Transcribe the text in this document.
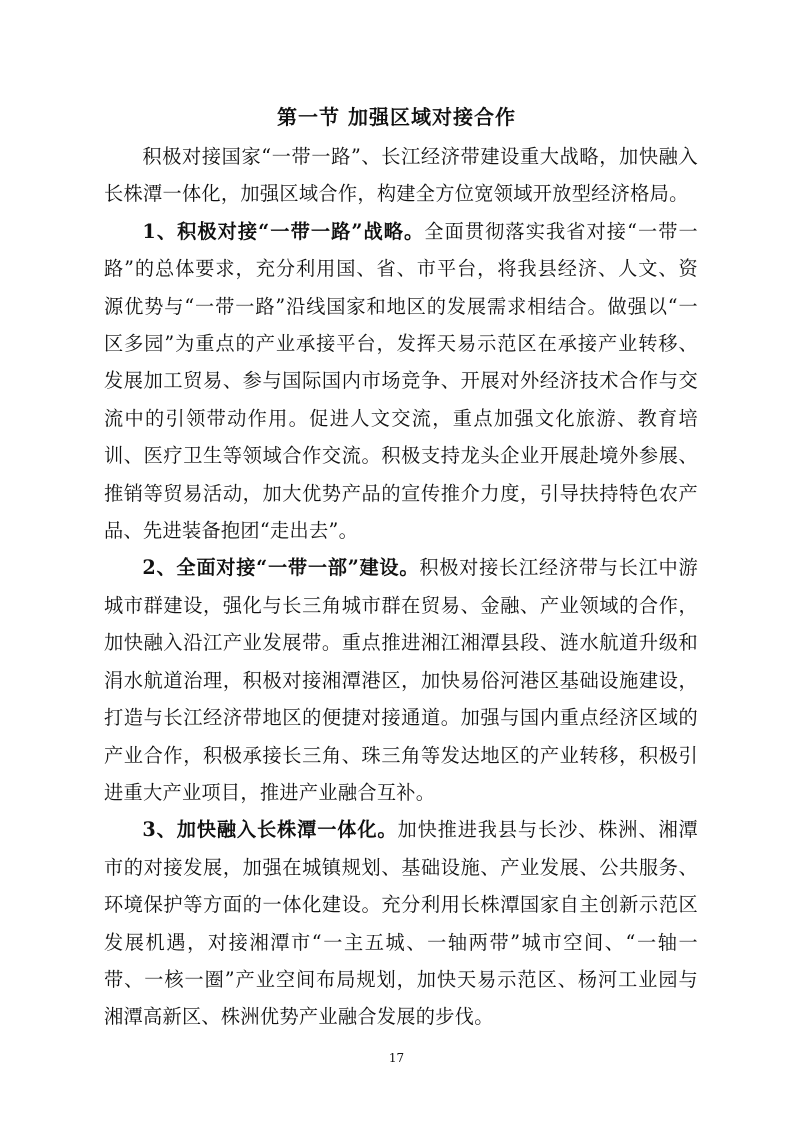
第一节 加强区域对接合作

积极对接国家“一带一路”、长江经济带建设重大战略，加快融入长株潭一体化，加强区域合作，构建全方位宽领域开放型经济格局。

1、积极对接“一带一路”战略。全面贯彻落实我省对接“一带一路”的总体要求，充分利用国、省、市平台，将我县经济、人文、资源优势与“一带一路”沿线国家和地区的发展需求相结合。做强以“一区多园”为重点的产业承接平台，发挥天易示范区在承接产业转移、发展加工贸易、参与国际国内市场竞争、开展对外经济技术合作与交流中的引领带动作用。促进人文交流，重点加强文化旅游、教育培训、医疗卫生等领域合作交流。积极支持龙头企业开展赴境外参展、推销等贸易活动，加大优势产品的宣传推介力度，引导扶持特色农产品、先进装备抱团“走出去”。

2、全面对接“一带一部”建设。积极对接长江经济带与长江中游城市群建设，强化与长三角城市群在贸易、金融、产业领域的合作，加快融入沿江产业发展带。重点推进湘江湘潭县段、涟水航道升级和涓水航道治理，积极对接湘潭港区，加快易俗河港区基础设施建设，打造与长江经济带地区的便捷对接通道。加强与国内重点经济区域的产业合作，积极承接长三角、珠三角等发达地区的产业转移，积极引进重大产业项目，推进产业融合互补。

3、加快融入长株潭一体化。加快推进我县与长沙、株洲、湘潭市的对接发展，加强在城镇规划、基础设施、产业发展、公共服务、环境保护等方面的一体化建设。充分利用长株潭国家自主创新示范区发展机遇，对接湘潭市“一主五城、一轴两带”城市空间、“一轴一带、一核一圈”产业空间布局规划，加快天易示范区、杨河工业园与湘潭高新区、株洲优势产业融合发展的步伐。

17
